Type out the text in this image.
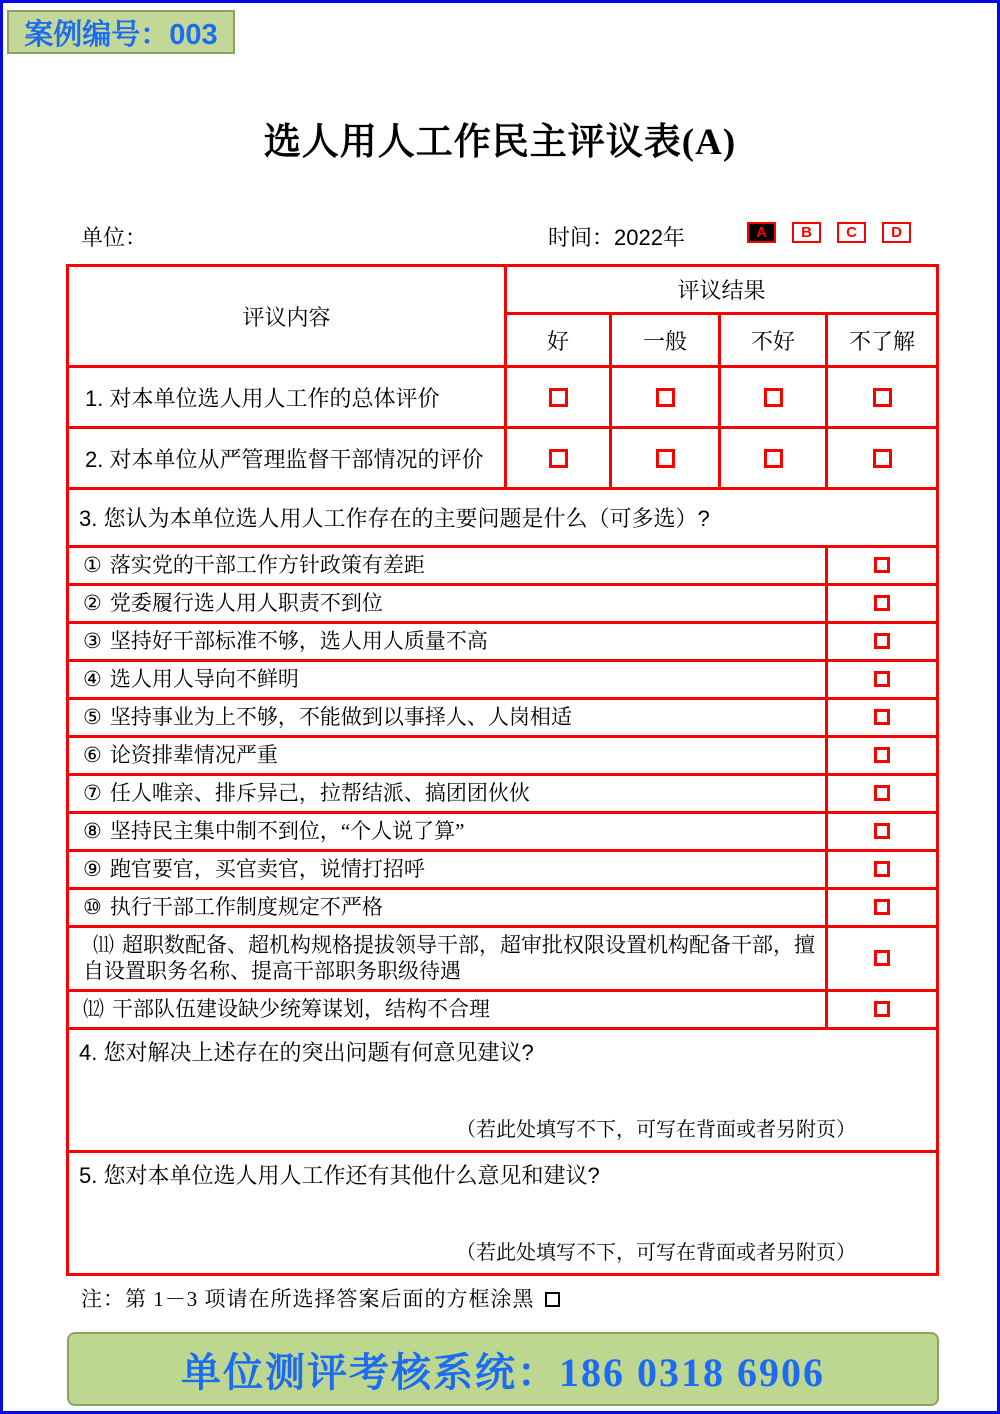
案例编号：003
选人用人工作民主评议表(A)
单位：	时间：2022年	A	B	C	D
评议内容	评议结果			
	好	一般	不好	不了解
1. 对本单位选人用人工作的总体评价				
2. 对本单位从严管理监督干部情况的评价				
3. 您认为本单位选人用人工作存在的主要问题是什么（可多选）?				
① 落实党的干部工作方针政策有差距				
② 党委履行选人用人职责不到位				
③ 坚持好干部标准不够，选人用人质量不高				
④ 选人用人导向不鲜明				
⑤ 坚持事业为上不够，不能做到以事择人、人岗相适				
⑥ 论资排辈情况严重				
⑦ 任人唯亲、排斥异己，拉帮结派、搞团团伙伙				
⑧ 坚持民主集中制不到位，“个人说了算”				
⑨ 跑官要官，买官卖官，说情打招呼				
⑩ 执行干部工作制度规定不严格				

⑾ 超职数配备、超机构规格提拔领导干部，超审批权限设置机构配备干部，擅自设置职务名称、提高干部职务职级待遇				

⑿ 干部队伍建设缺少统筹谋划，结构不合理				

4. 您对解决上述存在的突出问题有何意见建议?
（若此处填写不下，可写在背面或者另附页）				

5. 您对本单位选人用人工作还有其他什么意见和建议?
（若此处填写不下，可写在背面或者另附页）				
注：第 1－3 项请在所选择答案后面的方框涂黑
单位测评考核系统：186 0318 6906
